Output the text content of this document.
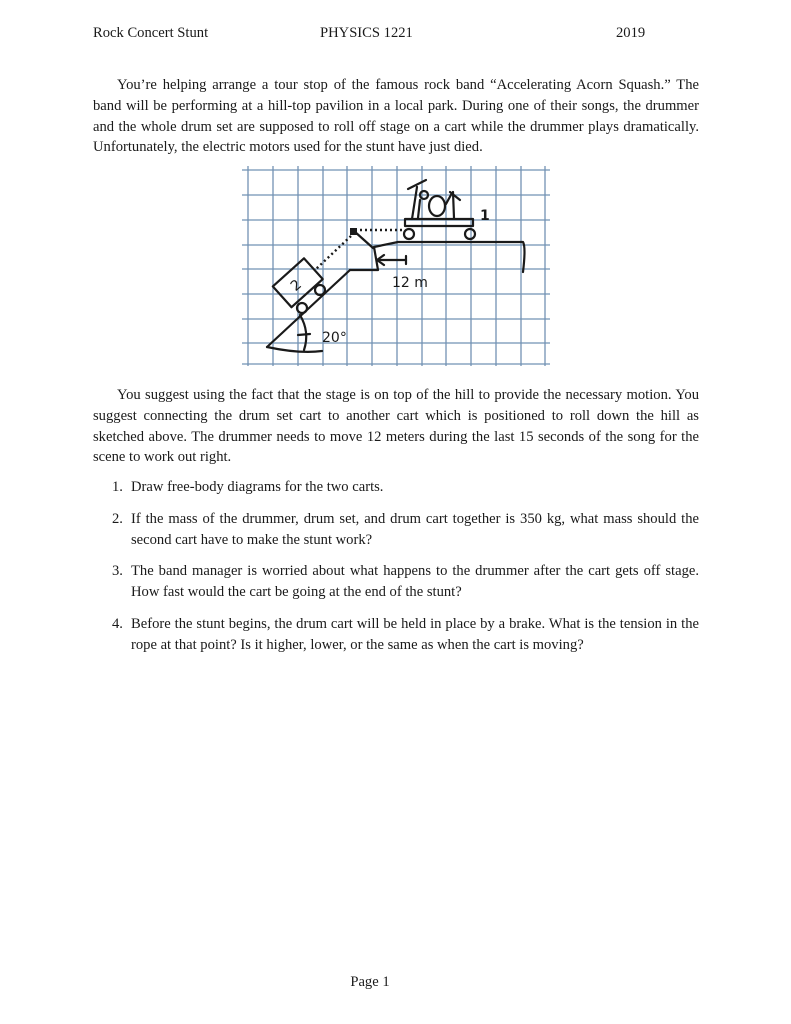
Rock Concert Stunt	PHYSICS 1221	2019

You’re helping arrange a tour stop of the famous rock band “Accelerating Acorn Squash.” The band will be performing at a hill-top pavilion in a local park. During one of their songs, the drummer and the whole drum set are supposed to roll off stage on a cart while the drummer plays dramatically. Unfortunately, the electric motors used for the stunt have just died.

1
2	12 m
20°

You suggest using the fact that the stage is on top of the hill to provide the necessary motion. You suggest connecting the drum set cart to another cart which is positioned to roll down the hill as sketched above. The drummer needs to move 12 meters during the last 15 seconds of the song for the scene to work out right.

1. Draw free-body diagrams for the two carts.
2. If the mass of the drummer, drum set, and drum cart together is 350 kg, what mass should the second cart have to make the stunt work?
3. The band manager is worried about what happens to the drummer after the cart gets off stage. How fast would the cart be going at the end of the stunt?
4. Before the stunt begins, the drum cart will be held in place by a brake. What is the tension in the rope at that point? Is it higher, lower, or the same as when the cart is moving?
Page 1
